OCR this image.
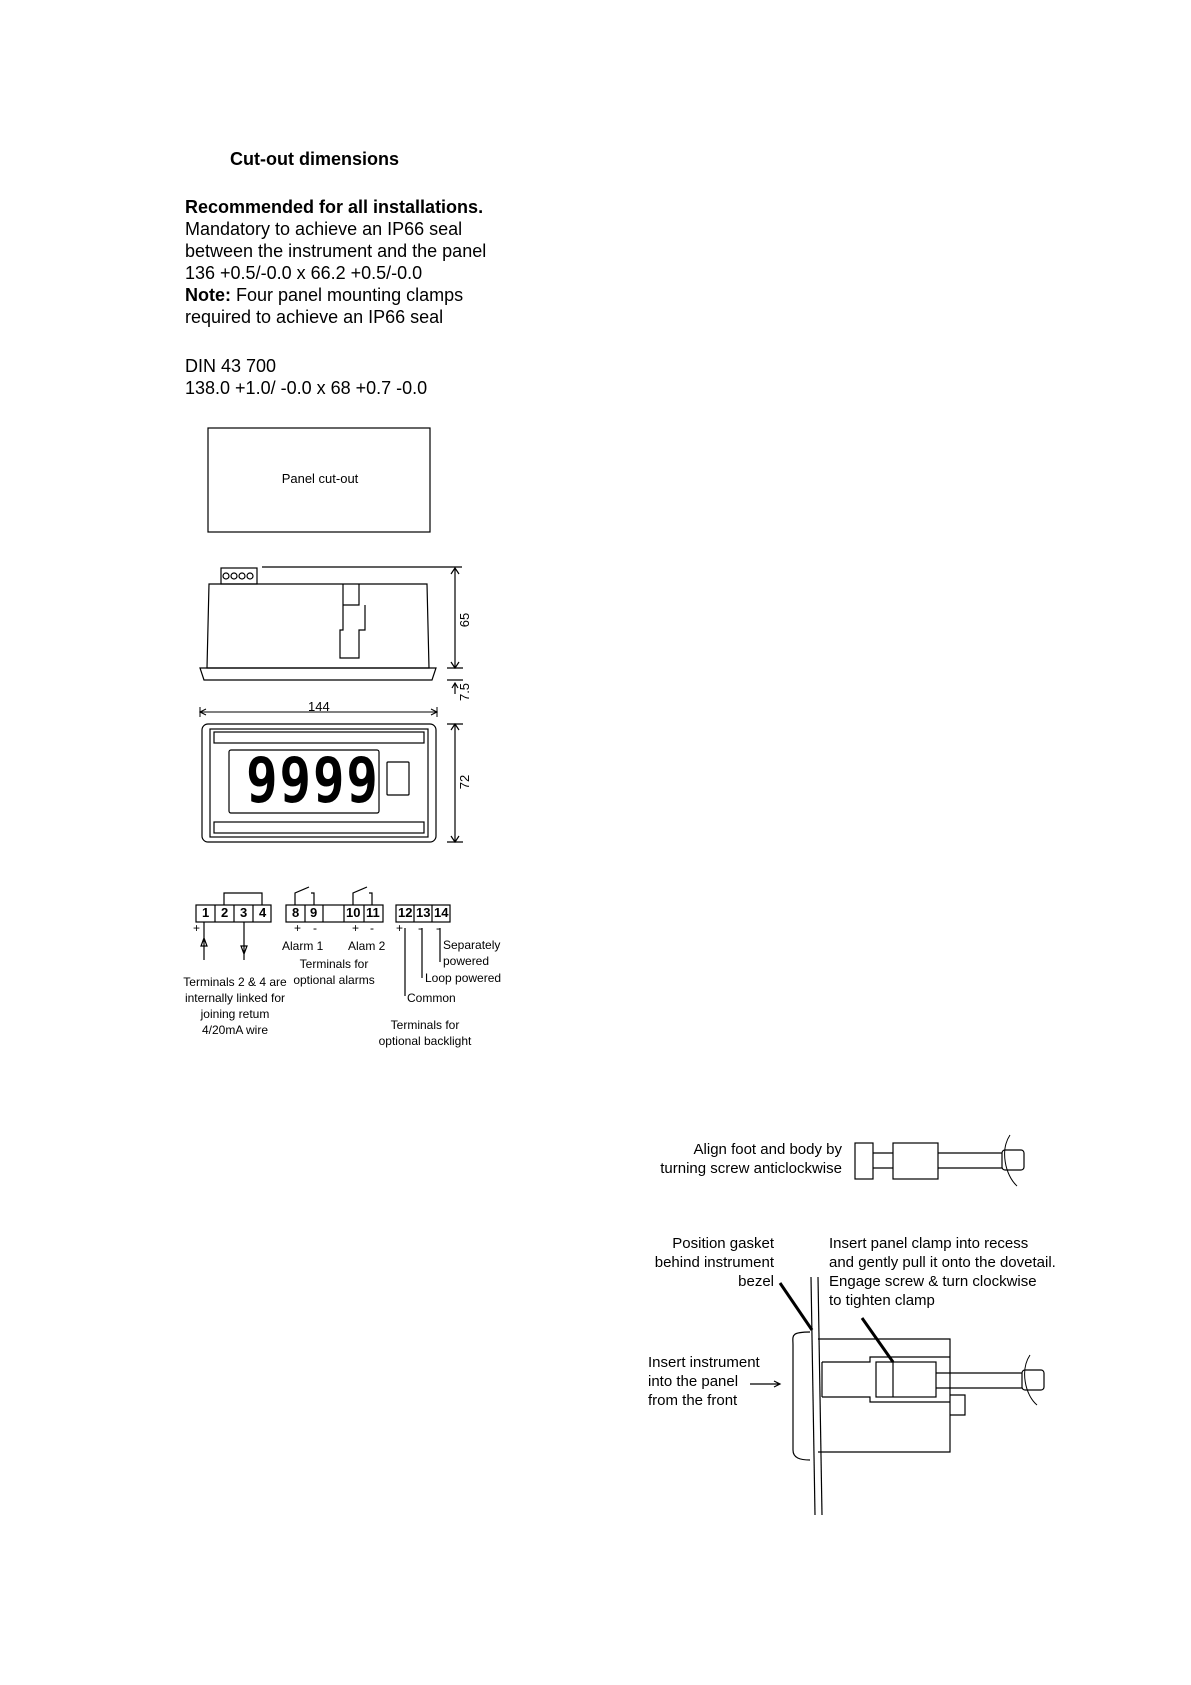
Cut-out dimensions
Recommended for all installations.
Mandatory to achieve an IP66 seal
between the instrument and the panel
136 +0.5/-0.0 x 66.2 +0.5/-0.0
Note: Four panel mounting clamps
required to achieve an IP66 seal
DIN 43 700
138.0 +1.0/ -0.0 x 68 +0.7 -0.0
Panel cut-out
65
7.5
144
72
9999
1 2 3 4 8 9 10 11 12 13 14
+	+ -	+ - + - -
Alarm 1 Alam 2
Terminals for
optional alarms
Terminals 2 & 4 are
internally linked for
joining retum
4/20mA wire
Separately
powered
Loop powered
Common
Terminals for
optional backlight
Align foot and body by
turning screw anticlockwise
Position gasket
behind instrument
bezel
Insert panel clamp into recess
and gently pull it onto the dovetail.
Engage screw & turn clockwise
to tighten clamp
Insert instrument
into the panel
from the front
